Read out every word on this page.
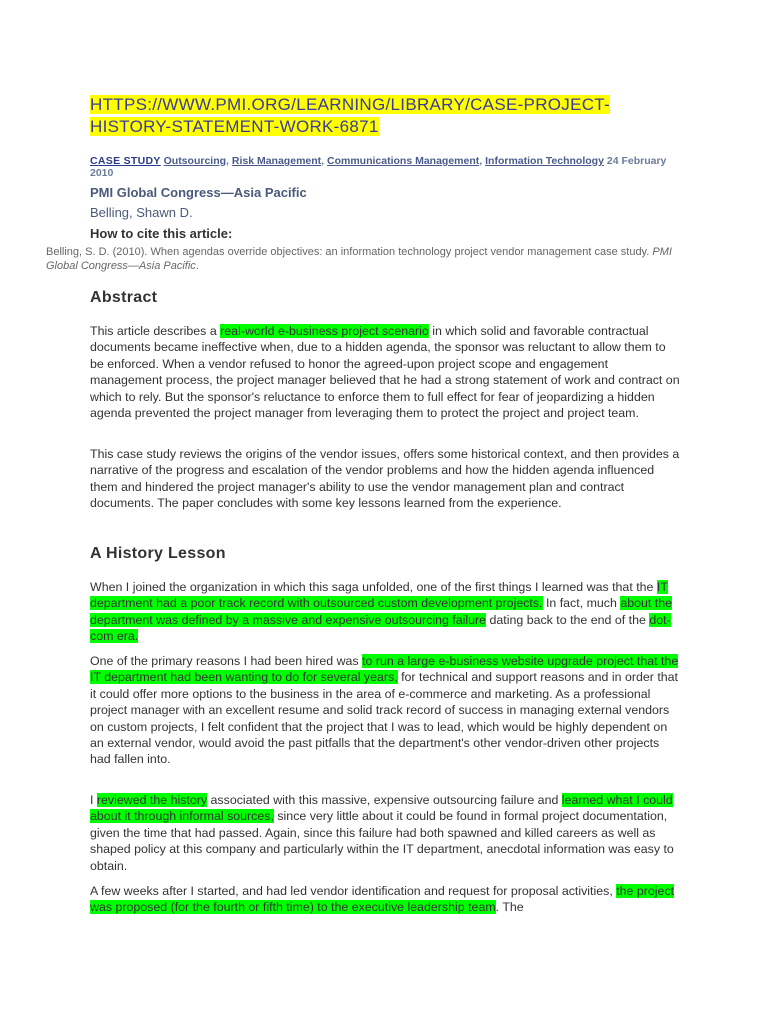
HTTPS://WWW.PMI.ORG/LEARNING/LIBRARY/CASE-PROJECT-HISTORY-STATEMENT-WORK-6871
CASE STUDY Outsourcing, Risk Management, Communications Management, Information Technology 24 February 2010
PMI Global Congress—Asia Pacific
Belling, Shawn D.
How to cite this article:
Belling, S. D. (2010). When agendas override objectives: an information technology project vendor management case study. PMI Global Congress—Asia Pacific.
Abstract

This article describes a real-world e-business project scenario in which solid and favorable contractual documents became ineffective when, due to a hidden agenda, the sponsor was reluctant to allow them to be enforced. When a vendor refused to honor the agreed-upon project scope and engagement management process, the project manager believed that he had a strong statement of work and contract on which to rely. But the sponsor's reluctance to enforce them to full effect for fear of jeopardizing a hidden agenda prevented the project manager from leveraging them to protect the project and project team.

This case study reviews the origins of the vendor issues, offers some historical context, and then provides a narrative of the progress and escalation of the vendor problems and how the hidden agenda influenced them and hindered the project manager's ability to use the vendor management plan and contract documents. The paper concludes with some key lessons learned from the experience.

A History Lesson

When I joined the organization in which this saga unfolded, one of the first things I learned was that the IT department had a poor track record with outsourced custom development projects. In fact, much about the department was defined by a massive and expensive outsourcing failure dating back to the end of the dot-com era.

One of the primary reasons I had been hired was to run a large e-business website upgrade project that the IT department had been wanting to do for several years, for technical and support reasons and in order that it could offer more options to the business in the area of e-commerce and marketing. As a professional project manager with an excellent resume and solid track record of success in managing external vendors on custom projects, I felt confident that the project that I was to lead, which would be highly dependent on an external vendor, would avoid the past pitfalls that the department's other vendor-driven other projects had fallen into.

I reviewed the history associated with this massive, expensive outsourcing failure and learned what I could about it through informal sources, since very little about it could be found in formal project documentation, given the time that had passed. Again, since this failure had both spawned and killed careers as well as shaped policy at this company and particularly within the IT department, anecdotal information was easy to obtain.

A few weeks after I started, and had led vendor identification and request for proposal activities, the project was proposed (for the fourth or fifth time) to the executive leadership team. The
